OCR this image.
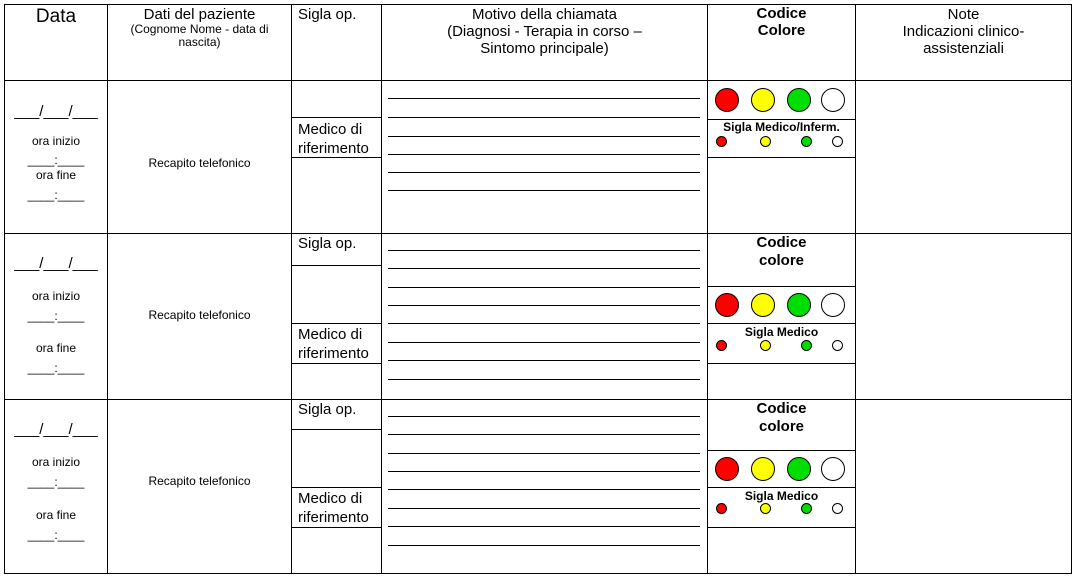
Data	Dati del paziente
(Cognome Nome - data di nascita)
Sigla op.	Motivo della chiamata
(Diagnosi - Terapia in corso –
Sintomo principale)
Codice
Colore
Note
Indicazioni clinico-
assistenziali
___/___/___
ora inizio
____:____
ora fine
____:____
Recapito telefonico
Medico di
riferimento
Sigla Medico/Inferm.
___/___/___
ora inizio
____:____
ora fine
____:____
Recapito telefonico
Sigla op.
Medico di
riferimento
Codice
colore
Sigla Medico
___/___/___
ora inizio
____:____
ora fine
____:____
Recapito telefonico
Sigla op.
Medico di
riferimento
Codice
colore
Sigla Medico
